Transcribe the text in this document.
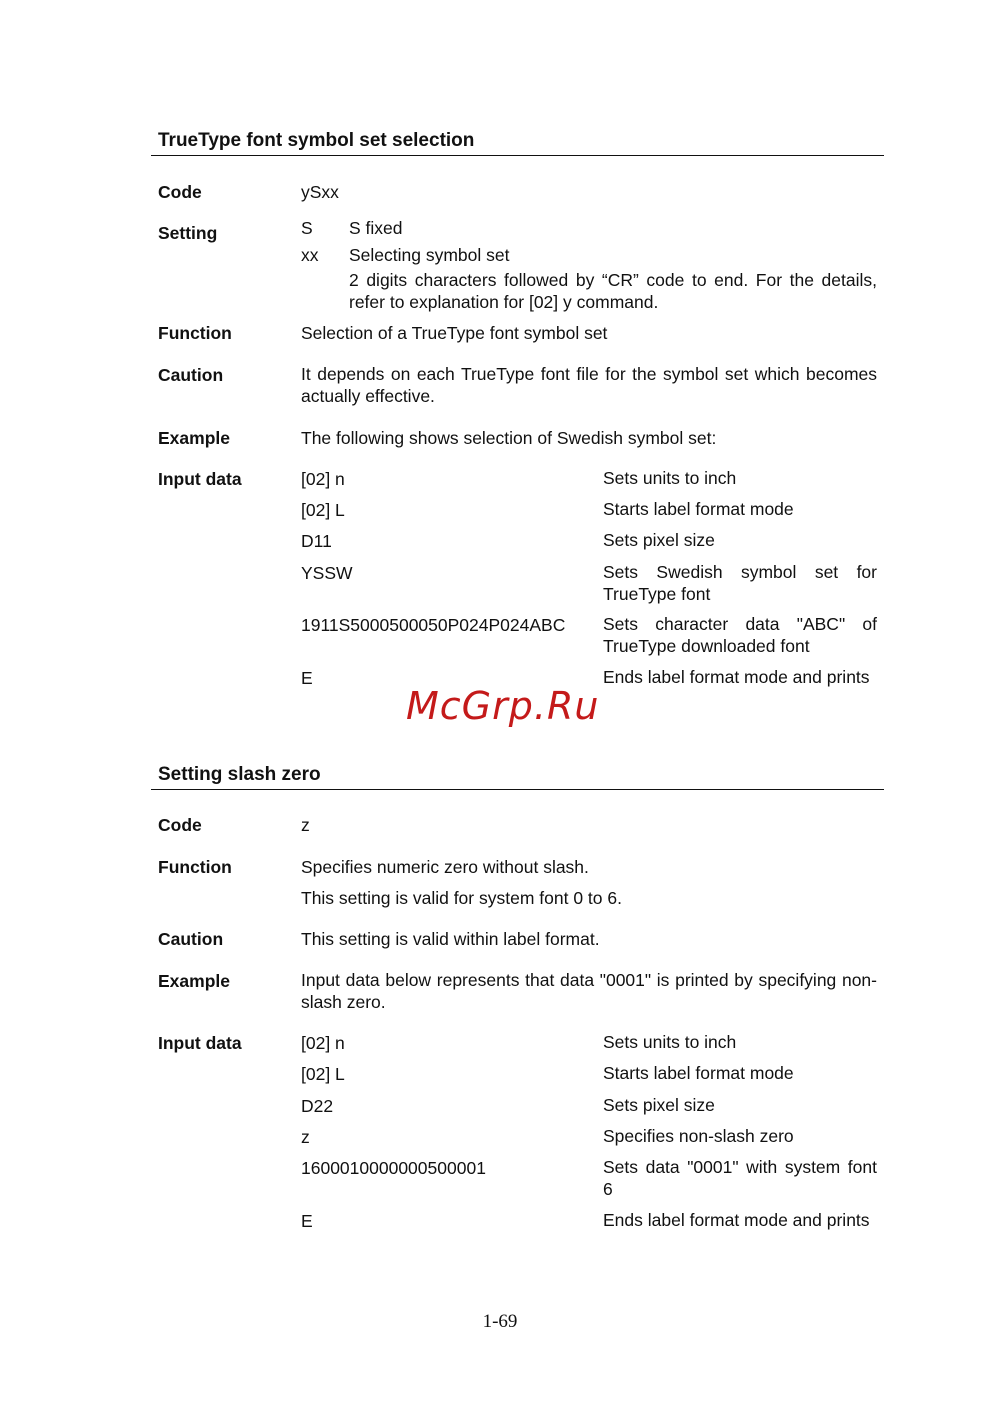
TrueType font symbol set selection
Code	ySxx
Setting	S S fixed
xx Selecting symbol set
2 digits characters followed by “CR” code to end. For the details, refer to explanation for [02] y command.
Function	Selection of a TrueType font symbol set
Caution	It depends on each TrueType font file for the symbol set which becomes actually effective.
Example	The following shows selection of Swedish symbol set:
Input data	[02] n	Sets units to inch
[02] L	Starts label format mode
D11	Sets pixel size
YSSW	Sets Swedish symbol set for TrueType font
1911S5000500050P024P024ABC Sets character data "ABC" of TrueType downloaded font
E	Ends label format mode and prints
McGrp.Ru
Setting slash zero
Code	z
Function	Specifies numeric zero without slash.
This setting is valid for system font 0 to 6.
Caution	This setting is valid within label format.
Example	Input data below represents that data "0001" is printed by specifying non-slash zero.
Input data	[02] n	Sets units to inch
[02] L	Starts label format mode
D22	Sets pixel size
z	Specifies non-slash zero
1600010000000500001	Sets data "0001" with system font 6
E	Ends label format mode and prints
1-69
